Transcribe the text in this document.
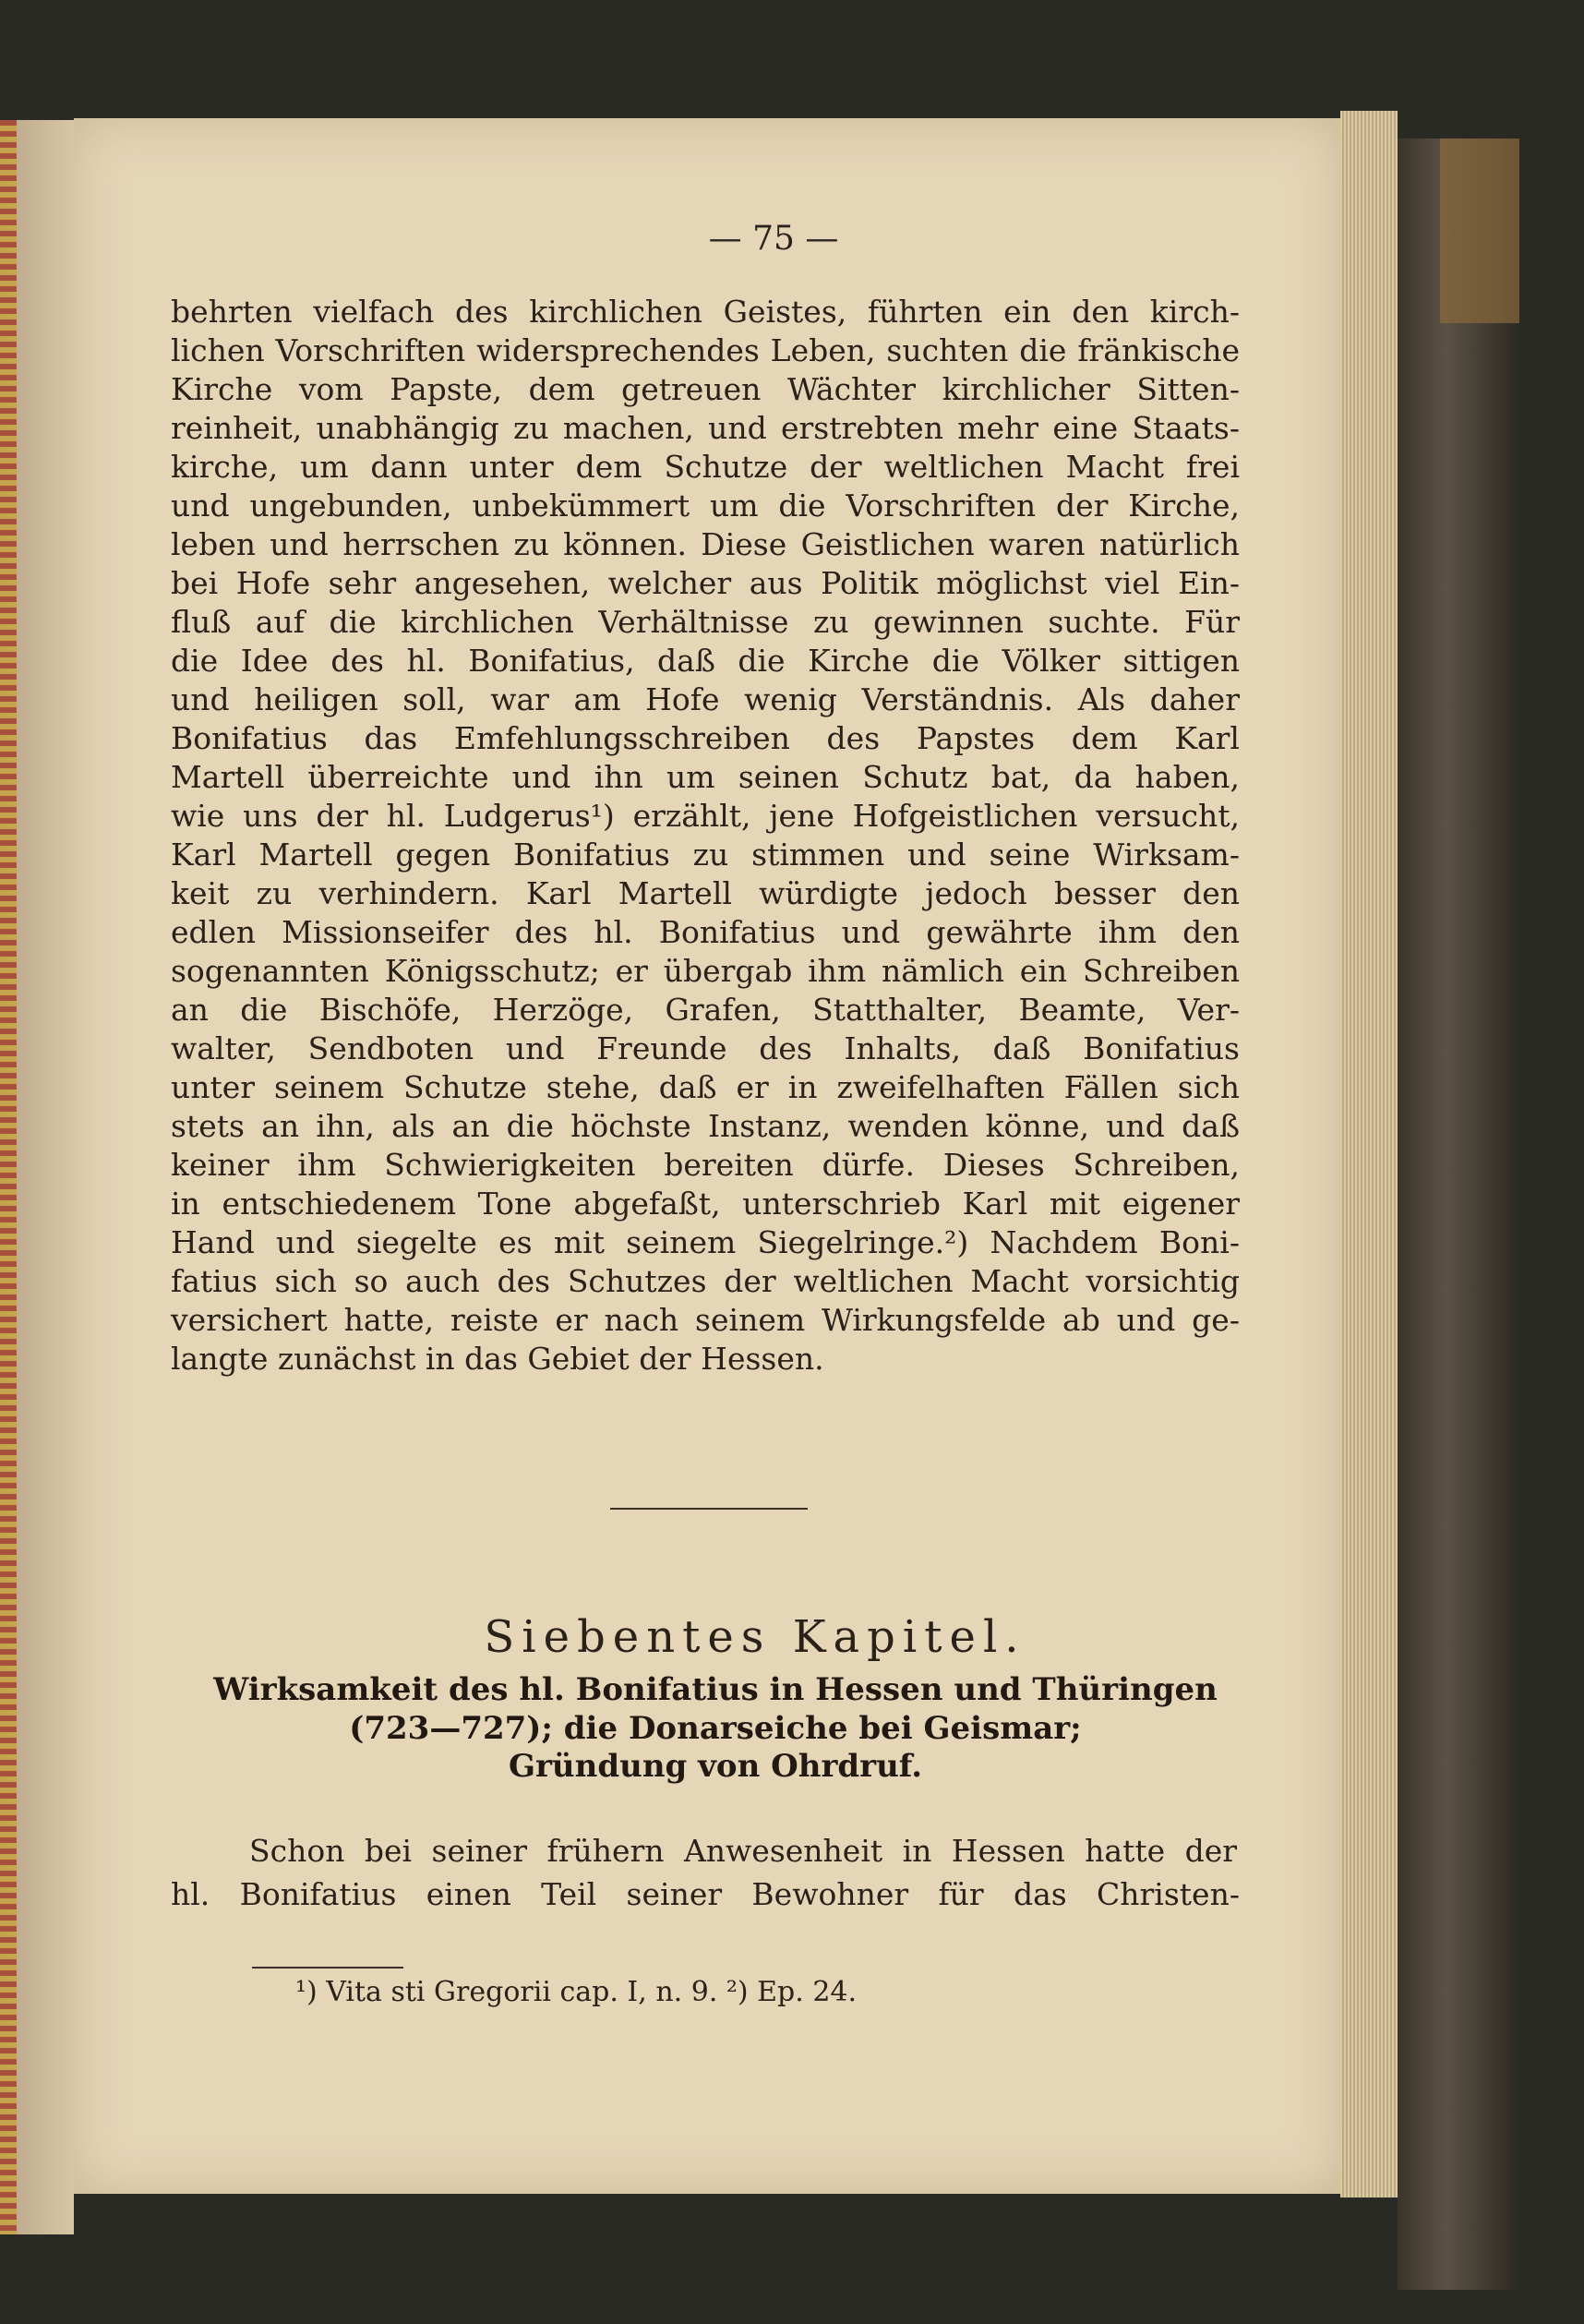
— 75 —
behrten vielfach des kirchlichen Geistes, führten ein den kirch-
lichen Vorschriften widersprechendes Leben, suchten die fränkische
Kirche vom Papste, dem getreuen Wächter kirchlicher Sitten-
reinheit, unabhängig zu machen, und erstrebten mehr eine Staats-
kirche, um dann unter dem Schutze der weltlichen Macht frei
und ungebunden, unbekümmert um die Vorschriften der Kirche,
leben und herrschen zu können. Diese Geistlichen waren natürlich
bei Hofe sehr angesehen, welcher aus Politik möglichst viel Ein-
fluß auf die kirchlichen Verhältnisse zu gewinnen suchte. Für
die Idee des hl. Bonifatius, daß die Kirche die Völker sittigen
und heiligen soll, war am Hofe wenig Verständnis. Als daher
Bonifatius das Emfehlungsschreiben des Papstes dem Karl
Martell überreichte und ihn um seinen Schutz bat, da haben,
wie uns der hl. Ludgerus¹) erzählt, jene Hofgeistlichen versucht,
Karl Martell gegen Bonifatius zu stimmen und seine Wirksam-
keit zu verhindern. Karl Martell würdigte jedoch besser den
edlen Missionseifer des hl. Bonifatius und gewährte ihm den
sogenannten Königsschutz; er übergab ihm nämlich ein Schreiben
an die Bischöfe, Herzöge, Grafen, Statthalter, Beamte, Ver-
walter, Sendboten und Freunde des Inhalts, daß Bonifatius
unter seinem Schutze stehe, daß er in zweifelhaften Fällen sich
stets an ihn, als an die höchste Instanz, wenden könne, und daß
keiner ihm Schwierigkeiten bereiten dürfe. Dieses Schreiben,
in entschiedenem Tone abgefaßt, unterschrieb Karl mit eigener
Hand und siegelte es mit seinem Siegelringe.²) Nachdem Boni-
fatius sich so auch des Schutzes der weltlichen Macht vorsichtig
versichert hatte, reiste er nach seinem Wirkungsfelde ab und ge-
langte zunächst in das Gebiet der Hessen.
Siebentes Kapitel.
Wirksamkeit des hl. Bonifatius in Hessen und Thüringen
(723—727); die Donarseiche bei Geismar;
Gründung von Ohrdruf.
Schon bei seiner frühern Anwesenheit in Hessen hatte der
hl. Bonifatius einen Teil seiner Bewohner für das Christen-
¹) Vita sti Gregorii cap. I, n. 9. ²) Ep. 24.
